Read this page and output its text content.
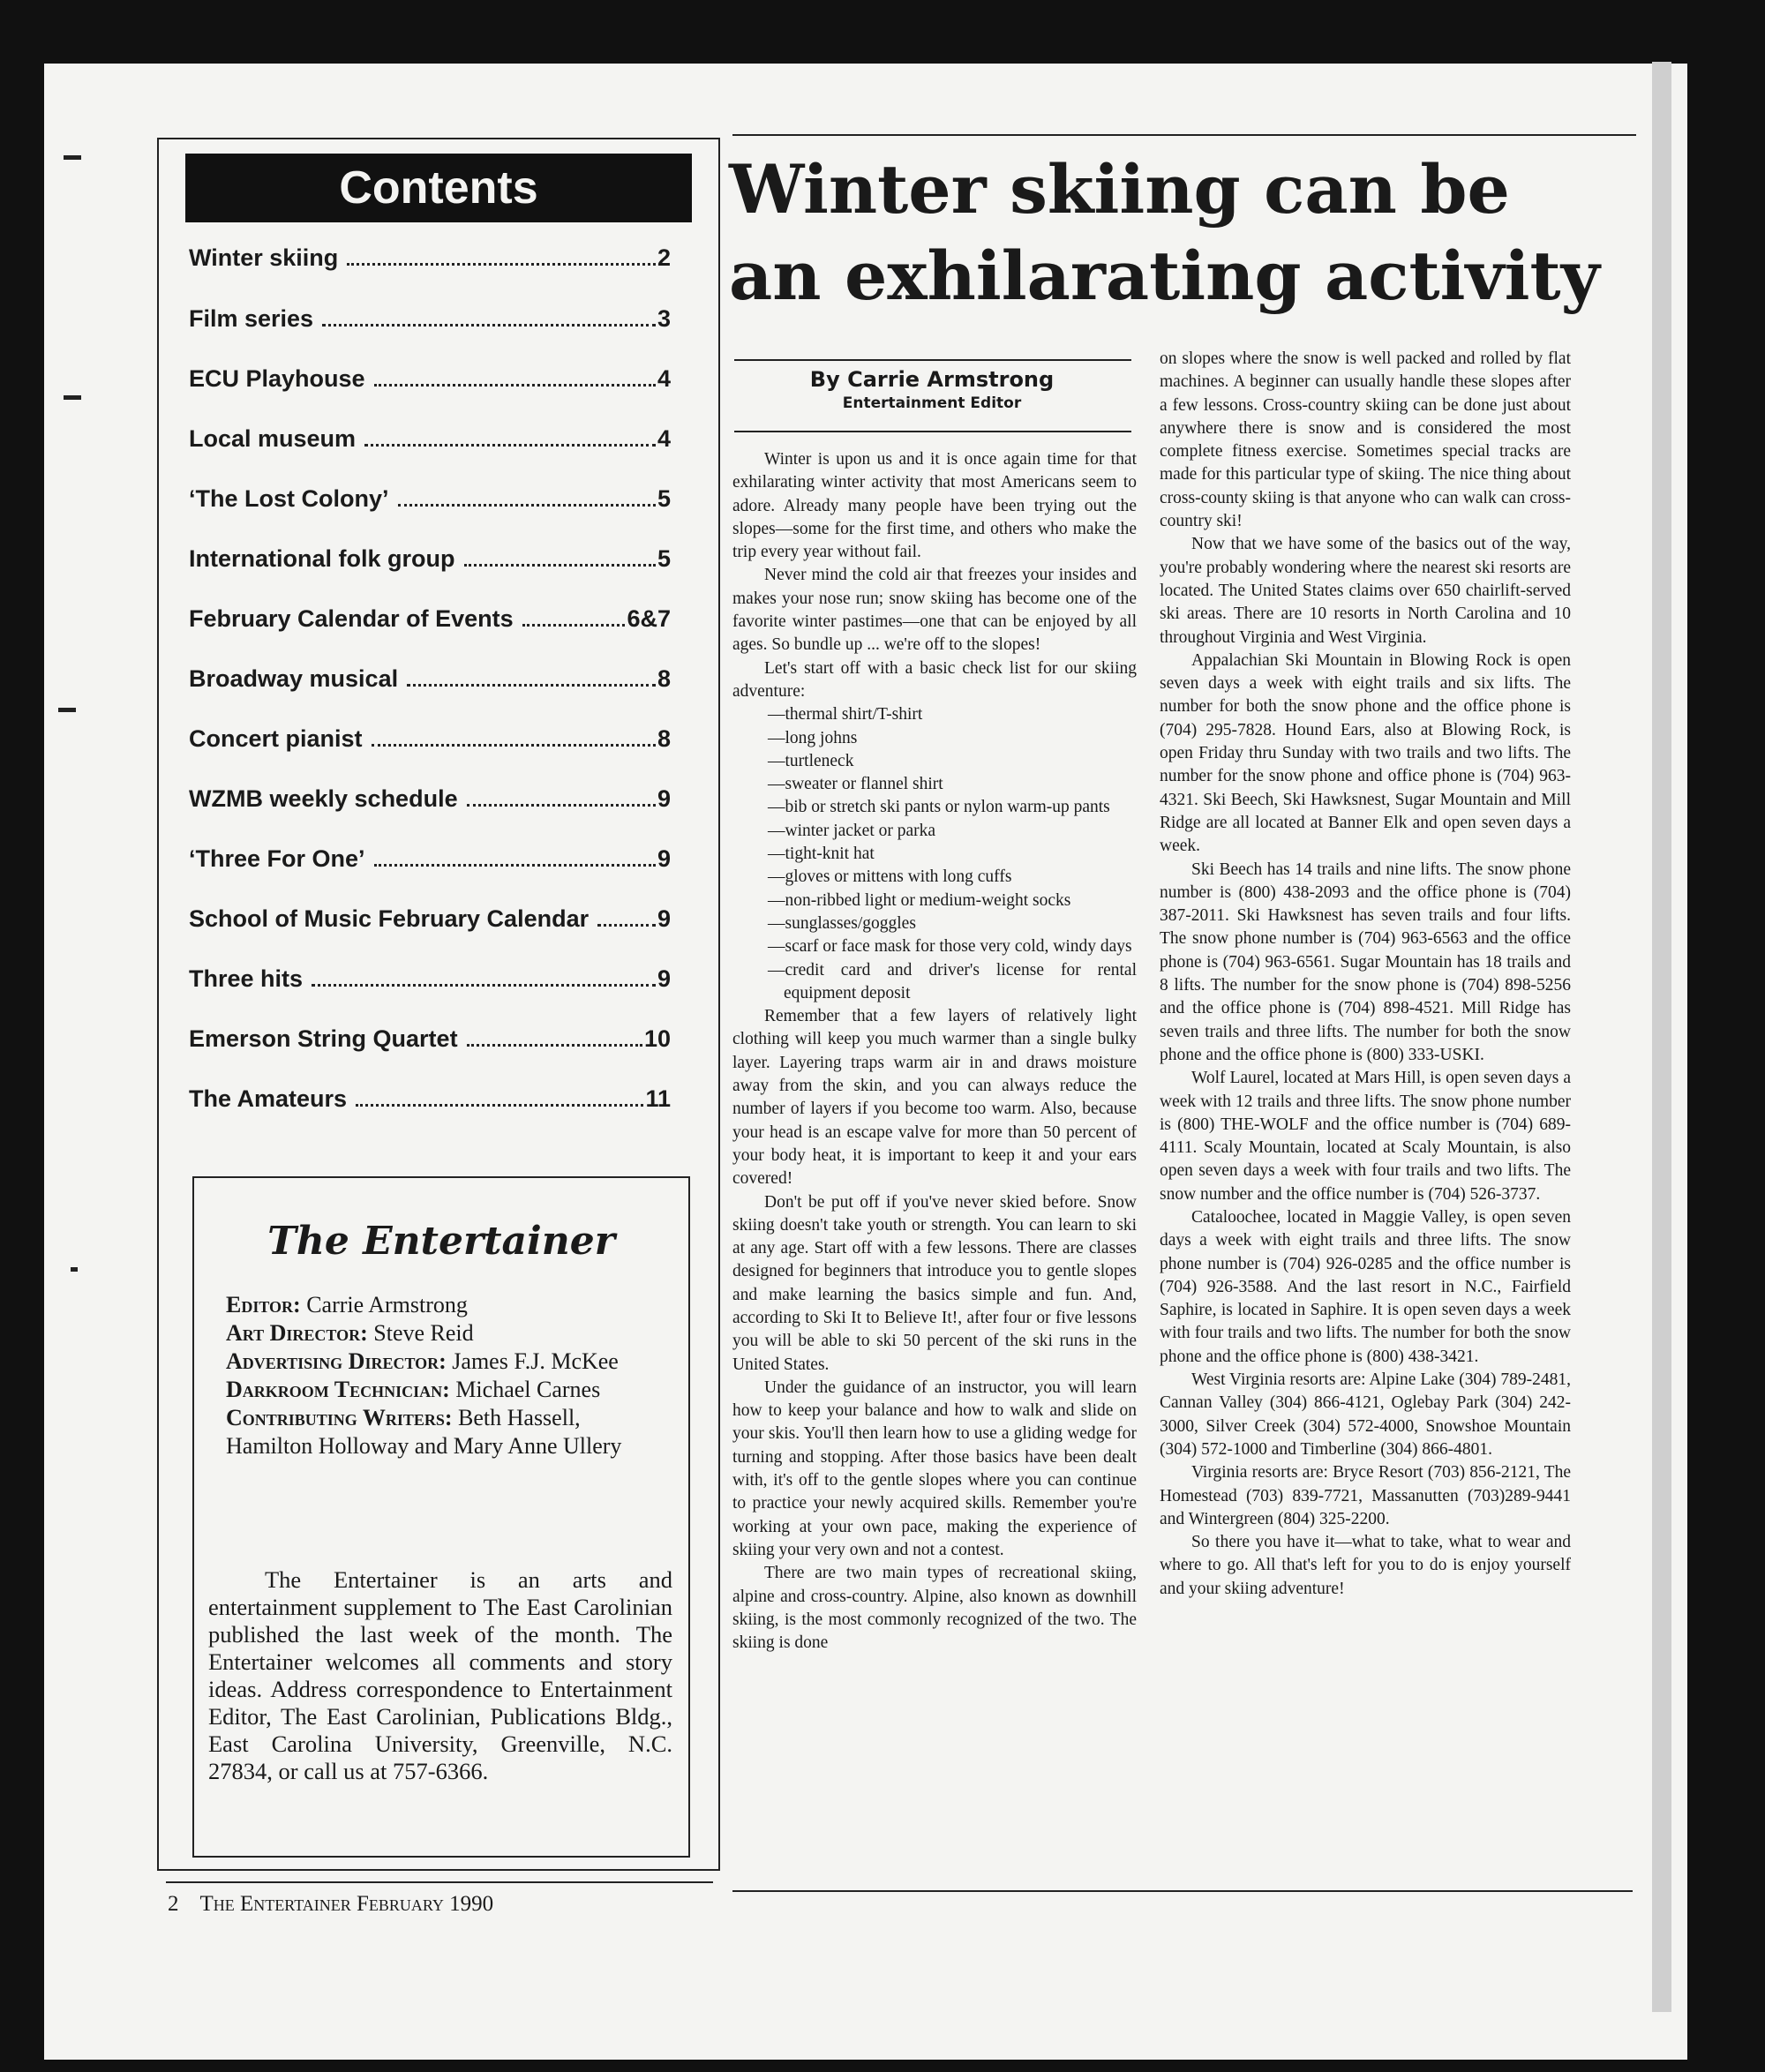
Contents
Winter skiing	2
Film series	3
ECU Playhouse	4
Local museum	4
‘The Lost Colony’	5
International folk group	5
February Calendar of Events	6&7
Broadway musical	8
Concert pianist	8
WZMB weekly schedule	9
‘Three For One’	9
School of Music February Calendar	9
Three hits	9
Emerson String Quartet	10
The Amateurs	11
The Entertainer
Editor: Carrie Armstrong
Art Director: Steve Reid
Advertising Director: James F.J. McKee
Darkroom Technician: Michael Carnes
Contributing Writers: Beth Hassell, Hamilton Holloway and Mary Anne Ullery
The Entertainer is an arts and entertainment supplement to The East Carolinian published the last week of the month. The Entertainer welcomes all comments and story ideas. Address correspondence to Entertainment Editor, The East Carolinian, Publications Bldg., East Carolina University, Greenville, N.C. 27834, or call us at 757-6366.
2 The Entertainer February 1990
Winter skiing can be an exhilarating activity
By Carrie Armstrong
Entertainment Editor

Winter is upon us and it is once again time for that exhilarating winter activity that most Americans seem to adore. Already many people have been trying out the slopes—some for the first time, and others who make the trip every year without fail.

Never mind the cold air that freezes your insides and makes your nose run; snow skiing has become one of the favorite winter pastimes—one that can be enjoyed by all ages. So bundle up ... we're off to the slopes!

Let's start off with a basic check list for our skiing adventure:

—thermal shirt/T-shirt
—long johns
—turtleneck
—sweater or flannel shirt
—bib or stretch ski pants or nylon warm-up pants
—winter jacket or parka
—tight-knit hat
—gloves or mittens with long cuffs
—non-ribbed light or medium-weight socks
—sunglasses/goggles
—scarf or face mask for those very cold, windy days
—credit card and driver's license for rental equipment deposit

Remember that a few layers of relatively light clothing will keep you much warmer than a single bulky layer. Layering traps warm air in and draws moisture away from the skin, and you can always reduce the number of layers if you become too warm. Also, because your head is an escape valve for more than 50 percent of your body heat, it is important to keep it and your ears covered!

Don't be put off if you've never skied before. Snow skiing doesn't take youth or strength. You can learn to ski at any age. Start off with a few lessons. There are classes designed for beginners that introduce you to gentle slopes and make learning the basics simple and fun. And, according to Ski It to Believe It!, after four or five lessons you will be able to ski 50 percent of the ski runs in the United States.

Under the guidance of an instructor, you will learn how to keep your balance and how to walk and slide on your skis. You'll then learn how to use a gliding wedge for turning and stopping. After those basics have been dealt with, it's off to the gentle slopes where you can continue to practice your newly acquired skills. Remember you're working at your own pace, making the experience of skiing your very own and not a contest.

There are two main types of recreational skiing, alpine and cross-country. Alpine, also known as downhill skiing, is the most commonly recognized of the two. The skiing is done

on slopes where the snow is well packed and rolled by flat machines. A beginner can usually handle these slopes after a few lessons. Cross-country skiing can be done just about anywhere there is snow and is considered the most complete fitness exercise. Sometimes special tracks are made for this particular type of skiing. The nice thing about cross-county skiing is that anyone who can walk can cross-country ski!

Now that we have some of the basics out of the way, you're probably wondering where the nearest ski resorts are located. The United States claims over 650 chairlift-served ski areas. There are 10 resorts in North Carolina and 10 throughout Virginia and West Virginia.

Appalachian Ski Mountain in Blowing Rock is open seven days a week with eight trails and six lifts. The number for both the snow phone and the office phone is (704) 295-7828. Hound Ears, also at Blowing Rock, is open Friday thru Sunday with two trails and two lifts. The number for the snow phone and office phone is (704) 963-4321. Ski Beech, Ski Hawksnest, Sugar Mountain and Mill Ridge are all located at Banner Elk and open seven days a week.

Ski Beech has 14 trails and nine lifts. The snow phone number is (800) 438-2093 and the office phone is (704) 387-2011. Ski Hawksnest has seven trails and four lifts. The snow phone number is (704) 963-6563 and the office phone is (704) 963-6561. Sugar Mountain has 18 trails and 8 lifts. The number for the snow phone is (704) 898-5256 and the office phone is (704) 898-4521. Mill Ridge has seven trails and three lifts. The number for both the snow phone and the office phone is (800) 333-USKI.

Wolf Laurel, located at Mars Hill, is open seven days a week with 12 trails and three lifts. The snow phone number is (800) THE-WOLF and the office number is (704) 689-4111. Scaly Mountain, located at Scaly Mountain, is also open seven days a week with four trails and two lifts. The snow number and the office number is (704) 526-3737.

Cataloochee, located in Maggie Valley, is open seven days a week with eight trails and three lifts. The snow phone number is (704) 926-0285 and the office number is (704) 926-3588. And the last resort in N.C., Fairfield Saphire, is located in Saphire. It is open seven days a week with four trails and two lifts. The number for both the snow phone and the office phone is (800) 438-3421.

West Virginia resorts are: Alpine Lake (304) 789-2481, Cannan Valley (304) 866-4121, Oglebay Park (304) 242-3000, Silver Creek (304) 572-4000, Snowshoe Mountain (304) 572-1000 and Timberline (304) 866-4801.

Virginia resorts are: Bryce Resort (703) 856-2121, The Homestead (703) 839-7721, Massanutten (703)289-9441 and Wintergreen (804) 325-2200.

So there you have it—what to take, what to wear and where to go. All that's left for you to do is enjoy yourself and your skiing adventure!
